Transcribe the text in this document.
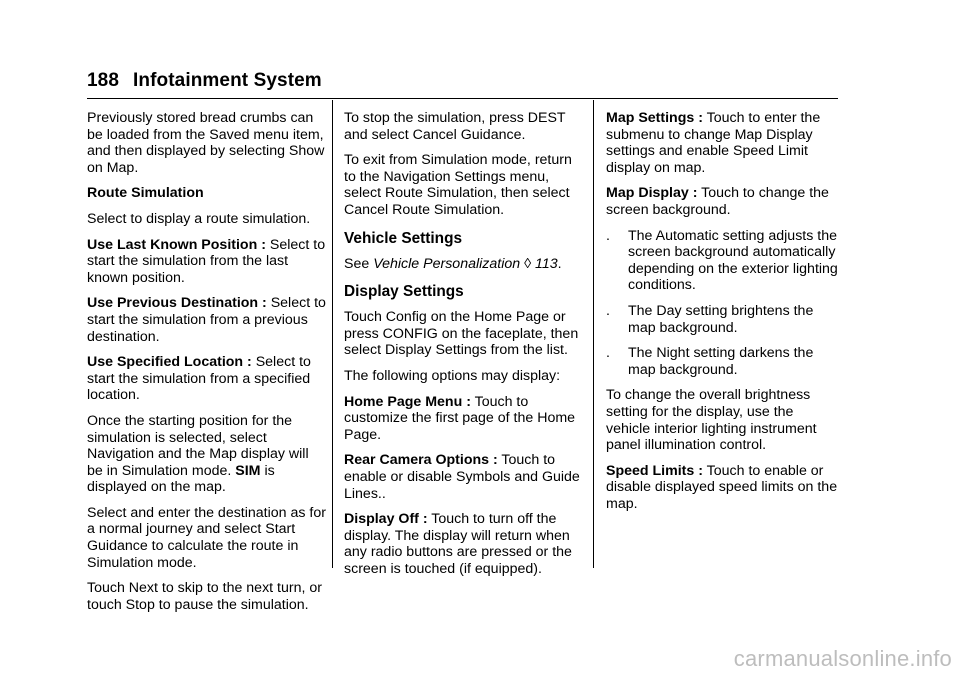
188 Infotainment System

Previously stored bread crumbs can be loaded from the Saved menu item, and then displayed by selecting Show on Map.

Route Simulation

Select to display a route simulation.

Use Last Known Position : Select to start the simulation from the last known position.

Use Previous Destination : Select to start the simulation from a previous destination.

Use Specified Location : Select to start the simulation from a specified location.

Once the starting position for the simulation is selected, select Navigation and the Map display will be in Simulation mode. SIM is displayed on the map.

Select and enter the destination as for a normal journey and select Start Guidance to calculate the route in Simulation mode.

Touch Next to skip to the next turn, or touch Stop to pause the simulation.

To stop the simulation, press DEST and select Cancel Guidance.

To exit from Simulation mode, return to the Navigation Settings menu, select Route Simulation, then select Cancel Route Simulation.

Vehicle Settings

See Vehicle Personalization ◊ 113.

Display Settings

Touch Config on the Home Page or press CONFIG on the faceplate, then select Display Settings from the list.

The following options may display:

Home Page Menu : Touch to customize the first page of the Home Page.

Rear Camera Options : Touch to enable or disable Symbols and Guide Lines..

Display Off : Touch to turn off the display. The display will return when any radio buttons are pressed or the screen is touched (if equipped).

Map Settings : Touch to enter the submenu to change Map Display settings and enable Speed Limit display on map.

Map Display : Touch to change the screen background.

.	The Automatic setting adjusts the screen background automatically depending on the exterior lighting conditions.
.	The Day setting brightens the map background.
.	The Night setting darkens the map background.

To change the overall brightness setting for the display, use the vehicle interior lighting instrument panel illumination control.

Speed Limits : Touch to enable or disable displayed speed limits on the map.

carmanualsonline.info
